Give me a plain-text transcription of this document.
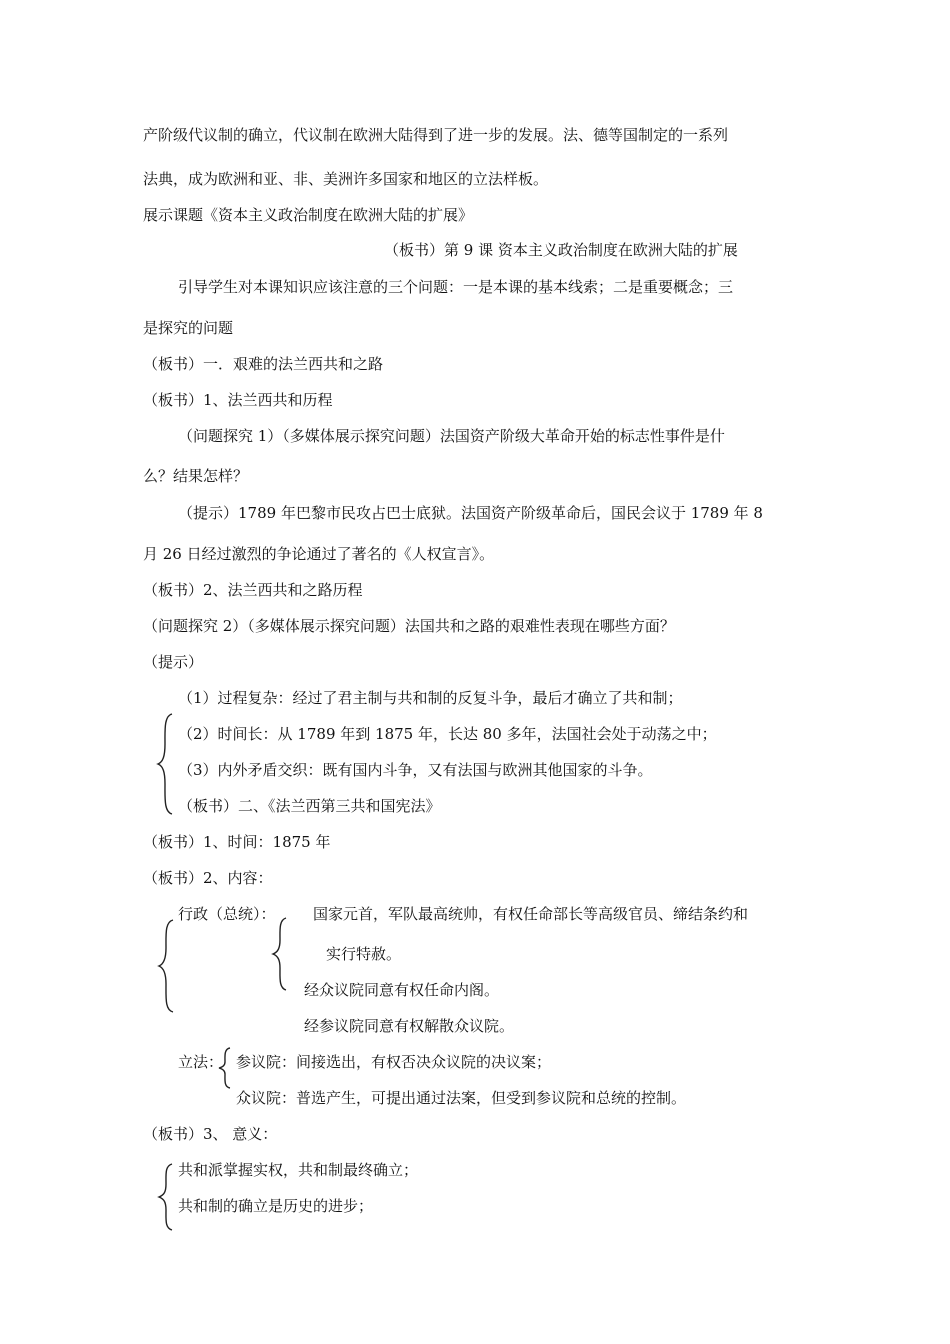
产阶级代议制的确立，代议制在欧洲大陆得到了进一步的发展。法、德等国制定的一系列
法典，成为欧洲和亚、非、美洲许多国家和地区的立法样板。
展示课题《资本主义政治制度在欧洲大陆的扩展》
（板书）第 9 课 资本主义政治制度在欧洲大陆的扩展
引导学生对本课知识应该注意的三个问题：一是本课的基本线索；二是重要概念；三
是探究的问题
（板书）一．艰难的法兰西共和之路
（板书）1、法兰西共和历程
（问题探究 1）（多媒体展示探究问题）法国资产阶级大革命开始的标志性事件是什
么？结果怎样？
（提示）1789 年巴黎市民攻占巴士底狱。法国资产阶级革命后，国民会议于 1789 年 8
月 26 日经过激烈的争论通过了著名的《人权宣言》。
（板书）2、法兰西共和之路历程
（问题探究 2）（多媒体展示探究问题）法国共和之路的艰难性表现在哪些方面？
（提示）
（1）过程复杂：经过了君主制与共和制的反复斗争，最后才确立了共和制；
（2）时间长：从 1789 年到 1875 年，长达 80 多年，法国社会处于动荡之中；
（3）内外矛盾交织：既有国内斗争，又有法国与欧洲其他国家的斗争。
（板书）二、《法兰西第三共和国宪法》
（板书）1、时间：1875 年
（板书）2、内容：
行政（总统）： 国家元首，军队最高统帅，有权任命部长等高级官员、缔结条约和
实行特赦。
经众议院同意有权任命内阁。
经参议院同意有权解散众议院。
立法： 参议院：间接选出，有权否决众议院的决议案；
众议院：普选产生，可提出通过法案，但受到参议院和总统的控制。
（板书）3、 意义：
共和派掌握实权，共和制最终确立；
共和制的确立是历史的进步；
